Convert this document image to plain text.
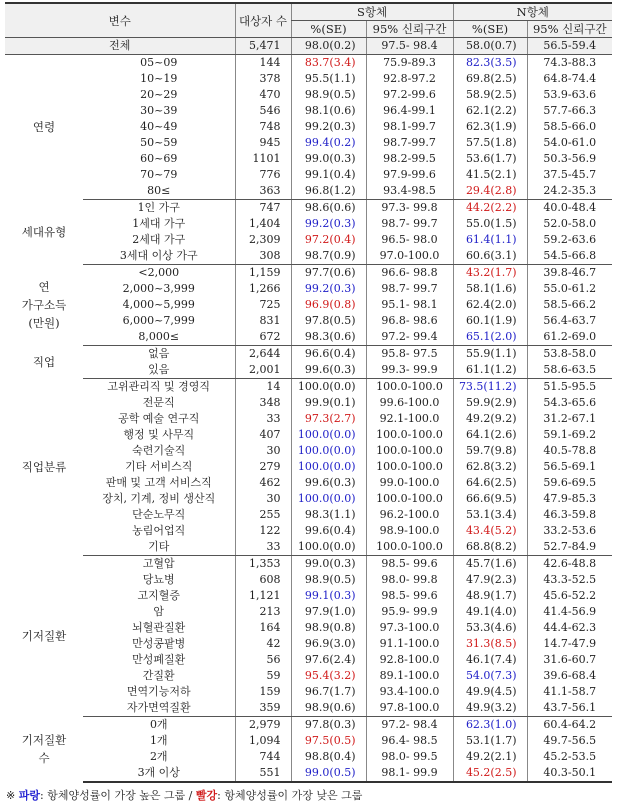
변수		대상자 수	S항체		N항체	
			%(SE)	95% 신뢰구간	%(SE)	95% 신뢰구간
전체		5,471	98.0(0.2)	97.5- 98.4	58.0(0.7)	56.5-59.4
연령	05~09	144	83.7(3.4)	75.9-89.3	82.3(3.5)	74.3-88.3
	10~19	378	95.5(1.1)	92.8-97.2	69.8(2.5)	64.8-74.4
	20~29	470	98.9(0.5)	97.2-99.6	58.9(2.5)	53.9-63.6
	30~39	546	98.1(0.6)	96.4-99.1	62.1(2.2)	57.7-66.3
	40~49	748	99.2(0.3)	98.1-99.7	62.3(1.9)	58.5-66.0
	50~59	945	99.4(0.2)	98.7-99.7	57.5(1.8)	54.0-61.0
	60~69	1101	99.0(0.3)	98.2-99.5	53.6(1.7)	50.3-56.9
	70~79	776	99.1(0.4)	97.9-99.6	41.5(2.1)	37.5-45.7
	80≤	363	96.8(1.2)	93.4-98.5	29.4(2.8)	24.2-35.3
세대유형	1인 가구	747	98.6(0.6)	97.3- 99.8	44.2(2.2)	40.0-48.4
	1세대 가구	1,404	99.2(0.3)	98.7- 99.7	55.0(1.5)	52.0-58.0
	2세대 가구	2,309	97.2(0.4)	96.5- 98.0	61.4(1.1)	59.2-63.6
	3세대 이상 가구	308	98.7(0.9)	97.0-100.0	60.6(3.1)	54.5-66.8
연
가구소득
(만원)	<2,000	1,159	97.7(0.6)	96.6- 98.8	43.2(1.7)	39.8-46.7
	2,000~3,999	1,266	99.2(0.3)	98.7- 99.7	58.1(1.6)	55.0-61.2
	4,000~5,999	725	96.9(0.8)	95.1- 98.1	62.4(2.0)	58.5-66.2
	6,000~7,999	831	97.8(0.5)	96.8- 98.6	60.1(1.9)	56.4-63.7
	8,000≤	672	98.3(0.6)	97.2- 99.4	65.1(2.0)	61.2-69.0
직업	없음	2,644	96.6(0.4)	95.8- 97.5	55.9(1.1)	53.8-58.0
	있음	2,001	99.6(0.3)	99.3- 99.9	61.1(1.2)	58.6-63.5
직업분류	고위관리직 및 경영직	14	100.0(0.0)	100.0-100.0	73.5(11.2)	51.5-95.5
	전문직	348	99.9(0.1)	99.6-100.0	59.9(2.9)	54.3-65.6
	공학 예술 연구직	33	97.3(2.7)	92.1-100.0	49.2(9.2)	31.2-67.1
	행정 및 사무직	407	100.0(0.0)	100.0-100.0	64.1(2.6)	59.1-69.2
	숙련기술직	30	100.0(0.0)	100.0-100.0	59.7(9.8)	40.5-78.8
	기타 서비스직	279	100.0(0.0)	100.0-100.0	62.8(3.2)	56.5-69.1
	판매 및 고객 서비스직	462	99.6(0.3)	99.0-100.0	64.6(2.5)	59.6-69.5
	장치, 기계, 정비 생산직	30	100.0(0.0)	100.0-100.0	66.6(9.5)	47.9-85.3
	단순노무직	255	98.3(1.1)	96.2-100.0	53.1(3.4)	46.3-59.8
	농림어업직	122	99.6(0.4)	98.9-100.0	43.4(5.2)	33.2-53.6
	기타	33	100.0(0.0)	100.0-100.0	68.8(8.2)	52.7-84.9
기저질환	고혈압	1,353	99.0(0.3)	98.5- 99.6	45.7(1.6)	42.6-48.8
	당뇨병	608	98.9(0.5)	98.0- 99.8	47.9(2.3)	43.3-52.5
	고지혈증	1,121	99.1(0.3)	98.5- 99.6	48.9(1.7)	45.6-52.2
	암	213	97.9(1.0)	95.9- 99.9	49.1(4.0)	41.4-56.9
	뇌혈관질환	164	98.9(0.8)	97.3-100.0	53.3(4.6)	44.4-62.3
	만성콩팥병	42	96.9(3.0)	91.1-100.0	31.3(8.5)	14.7-47.9
	만성폐질환	56	97.6(2.4)	92.8-100.0	46.1(7.4)	31.6-60.7
	간질환	59	95.4(3.2)	89.1-100.0	54.0(7.3)	39.6-68.4
	면역기능저하	159	96.7(1.7)	93.4-100.0	49.9(4.5)	41.1-58.7
	자가면역질환	359	98.9(0.6)	97.8-100.0	49.9(3.2)	43.7-56.1
기저질환
수	0개	2,979	97.8(0.3)	97.2- 98.4	62.3(1.0)	60.4-64.2
	1개	1,094	97.5(0.5)	96.4- 98.5	53.1(1.7)	49.7-56.5
	2개	744	98.8(0.4)	98.0- 99.5	49.2(2.1)	45.2-53.5
	3개 이상	551	99.0(0.5)	98.1- 99.9	45.2(2.5)	40.3-50.1
※ 파랑: 항체양성률이 가장 높은 그룹 / 빨강: 항체양성률이 가장 낮은 그룹
